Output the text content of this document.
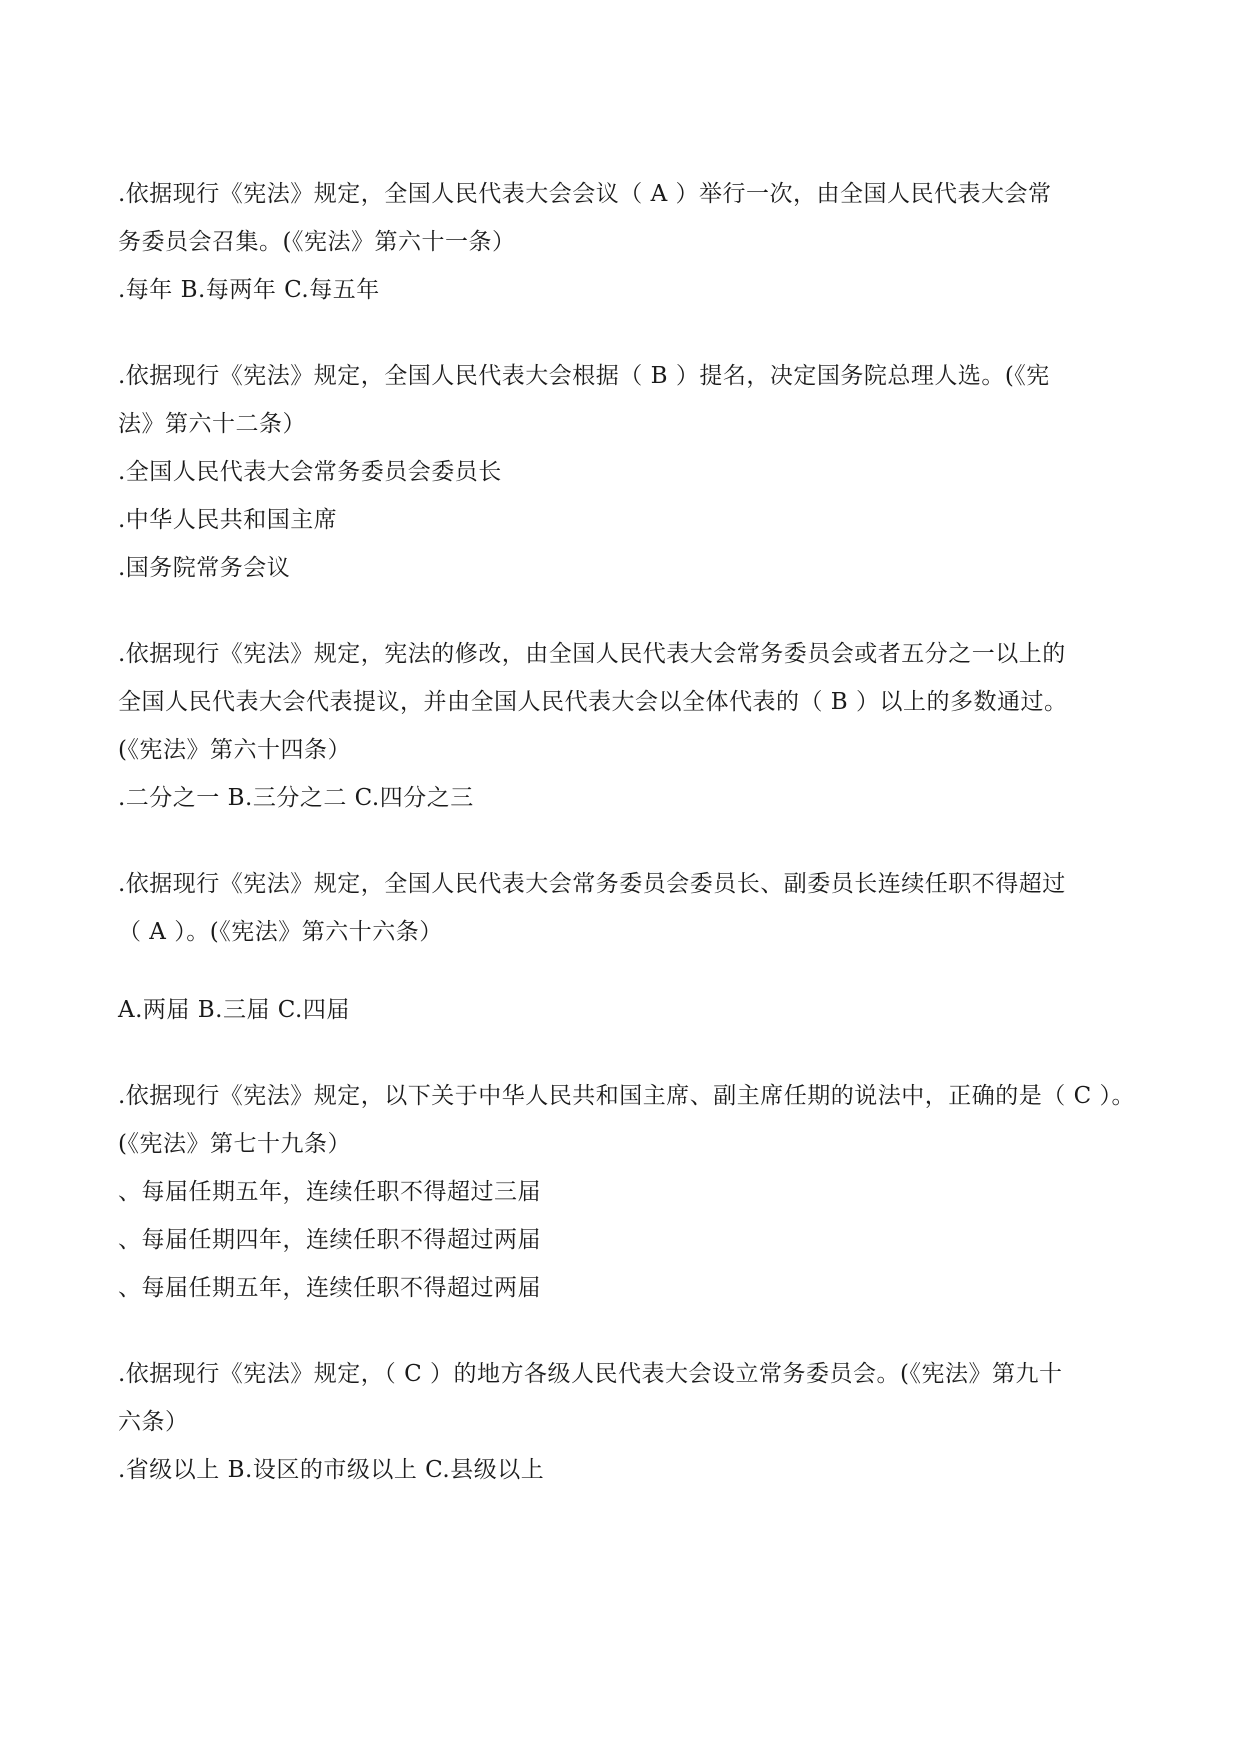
.依据现行《宪法》规定，全国人民代表大会会议（ A ）举行一次，由全国人民代表大会常
务委员会召集。(《宪法》第六十一条）
.每年 B.每两年 C.每五年
.依据现行《宪法》规定，全国人民代表大会根据（ B ）提名，决定国务院总理人选。(《宪
法》第六十二条）
.全国人民代表大会常务委员会委员长
.中华人民共和国主席
.国务院常务会议
.依据现行《宪法》规定，宪法的修改，由全国人民代表大会常务委员会或者五分之一以上的
全国人民代表大会代表提议，并由全国人民代表大会以全体代表的（ B ）以上的多数通过。
(《宪法》第六十四条）
.二分之一 B.三分之二 C.四分之三
.依据现行《宪法》规定，全国人民代表大会常务委员会委员长、副委员长连续任职不得超过
（ A ）。(《宪法》第六十六条）
A.两届 B.三届 C.四届
.依据现行《宪法》规定，以下关于中华人民共和国主席、副主席任期的说法中，正确的是（ C ）。
(《宪法》第七十九条）
、每届任期五年，连续任职不得超过三届
、每届任期四年，连续任职不得超过两届
、每届任期五年，连续任职不得超过两届
.依据现行《宪法》规定，（ C ）的地方各级人民代表大会设立常务委员会。(《宪法》第九十
六条）
.省级以上 B.设区的市级以上 C.县级以上
